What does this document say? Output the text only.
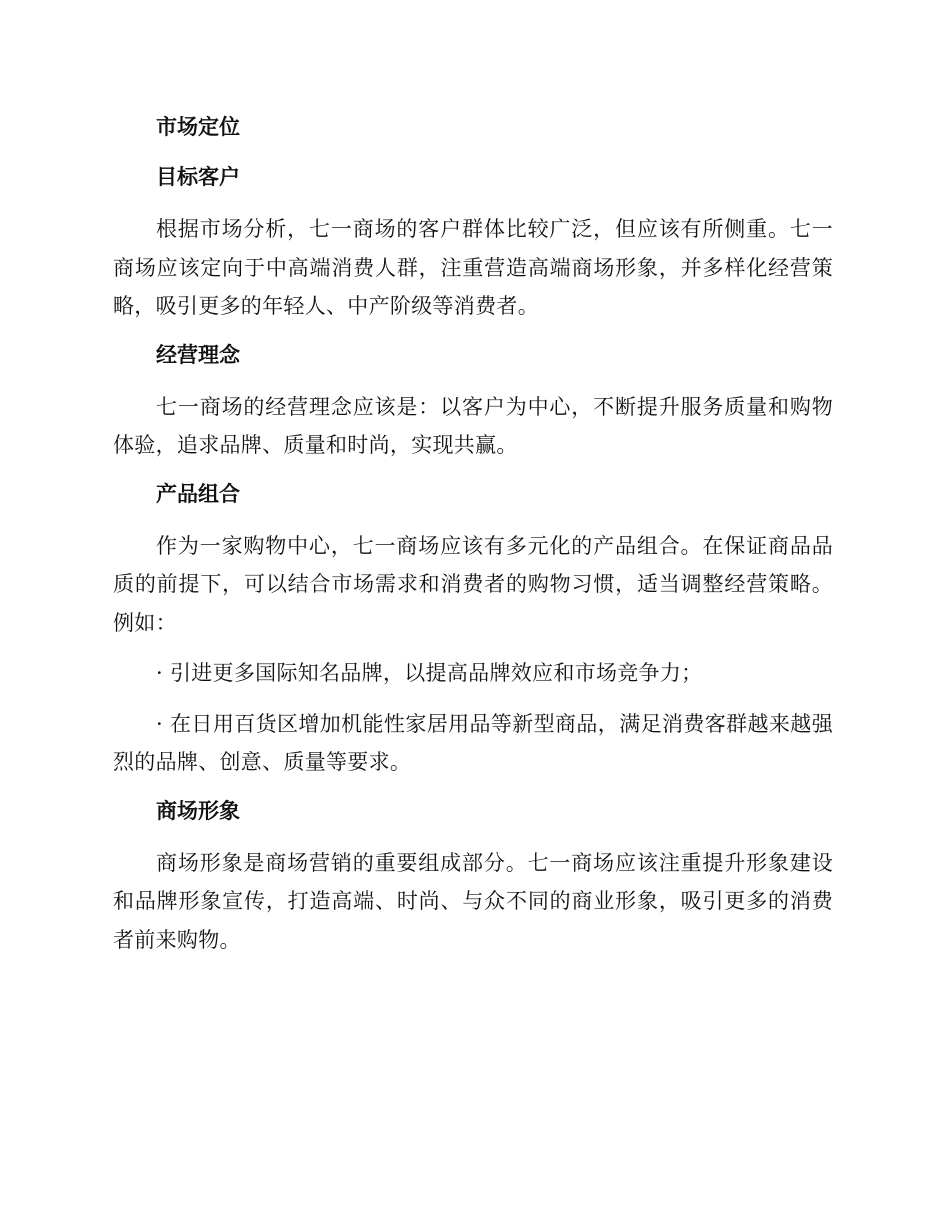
市场定位
目标客户

根据市场分析，七一商场的客户群体比较广泛，但应该有所侧重。七一商场应该定向于中高端消费人群，注重营造高端商场形象，并多样化经营策略，吸引更多的年轻人、中产阶级等消费者。

经营理念

七一商场的经营理念应该是：以客户为中心，不断提升服务质量和购物体验，追求品牌、质量和时尚，实现共赢。

产品组合

作为一家购物中心，七一商场应该有多元化的产品组合。在保证商品品质的前提下，可以结合市场需求和消费者的购物习惯，适当调整经营策略。例如：

· 引进更多国际知名品牌，以提高品牌效应和市场竞争力；

· 在日用百货区增加机能性家居用品等新型商品，满足消费客群越来越强烈的品牌、创意、质量等要求。

商场形象

商场形象是商场营销的重要组成部分。七一商场应该注重提升形象建设和品牌形象宣传，打造高端、时尚、与众不同的商业形象，吸引更多的消费者前来购物。
